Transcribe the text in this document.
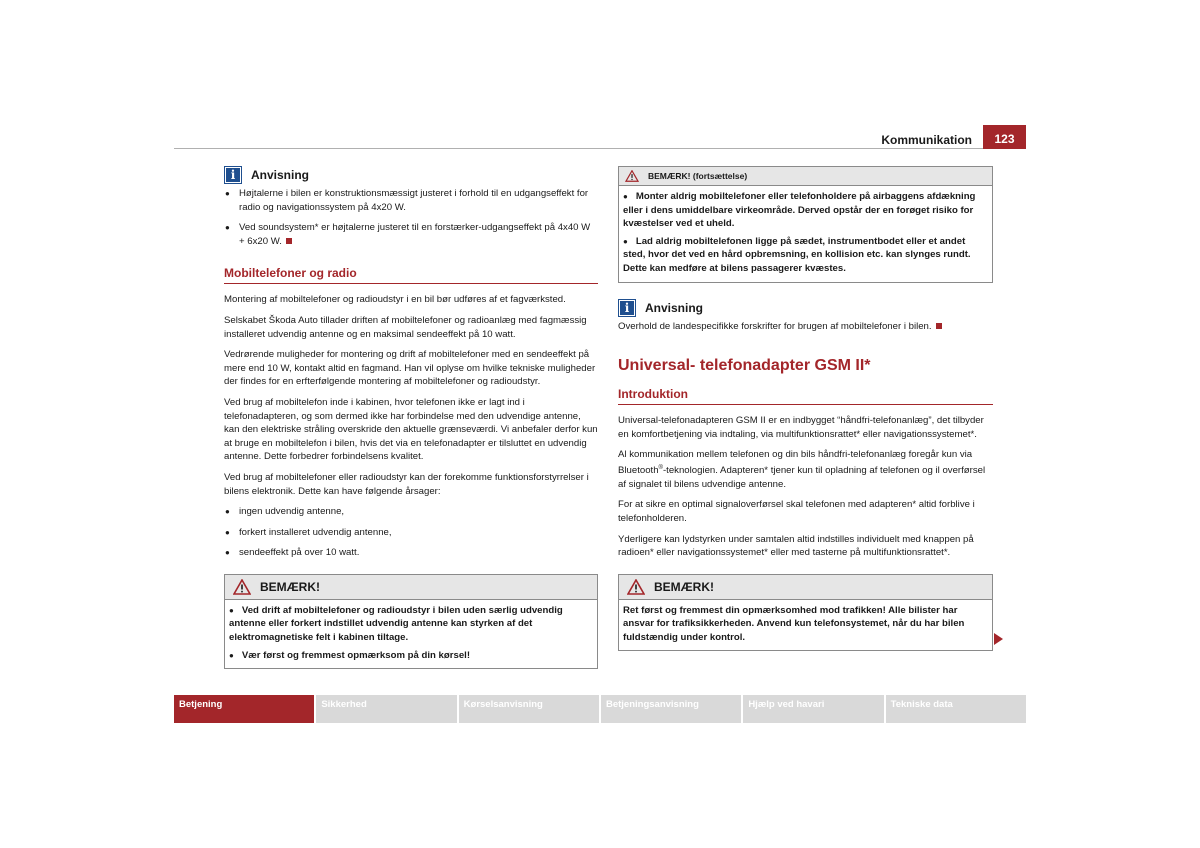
Kommunikation	123
i	Anvisning

● Højtalerne i bilen er konstruktionsmæssigt justeret i forhold til en udgangseffekt for radio og navigationssystem på 4x20 W.

● Ved soundsystem* er højtalerne justeret til en forstærker-udgangseffekt på 4x40 W + 6x20 W.

Mobiltelefoner og radio

Montering af mobiltelefoner og radioudstyr i en bil bør udføres af et fagværksted.

Selskabet Škoda Auto tillader driften af mobiltelefoner og radioanlæg med fagmæssig installeret udvendig antenne og en maksimal sendeeffekt på 10 watt.

Vedrørende muligheder for montering og drift af mobiltelefoner med en sendeeffekt på mere end 10 W, kontakt altid en fagmand. Han vil oplyse om hvilke tekniske muligheder der findes for en erfterfølgende montering af mobiltelefoner og radioudstyr.

Ved brug af mobiltelefon inde i kabinen, hvor telefonen ikke er lagt ind i telefonadapteren, og som dermed ikke har forbindelse med den udvendige antenne, kan den elektriske stråling overskride den aktuelle grænseværdi. Vi anbefaler derfor kun at bruge en mobiltelefon i bilen, hvis det via en telefonadapter er tilsluttet en udvendig antenne. Dette forbedrer forbindelsens kvalitet.

Ved brug af mobiltelefoner eller radioudstyr kan der forekomme funktionsforstyrrelser i bilens elektronik. Dette kan have følgende årsager:

● ingen udvendig antenne,

● forkert installeret udvendig antenne,

● sendeeffekt på over 10 watt.

BEMÆRK!

● Ved drift af mobiltelefoner og radioudstyr i bilen uden særlig udvendig antenne eller forkert indstillet udvendig antenne kan styrken af det elektromagnetiske felt i kabinen tiltage.

● Vær først og fremmest opmærksom på din kørsel!

BEMÆRK! (fortsættelse)

● Monter aldrig mobiltelefoner eller telefonholdere på airbaggens afdækning eller i dens umiddelbare virkeområde. Derved opstår der en forøget risiko for kvæstelser ved et uheld.

● Lad aldrig mobiltelefonen ligge på sædet, instrumentbodet eller et andet sted, hvor det ved en hård opbremsning, en kollision etc. kan slynges rundt. Dette kan medføre at bilens passagerer kvæstes.

i	Anvisning

Overhold de landespecifikke forskrifter for brugen af mobiltelefoner i bilen.

Universal- telefonadapter GSM II*
Introduktion

Universal-telefonadapteren GSM II er en indbygget “håndfri-telefonanlæg”, det tilbyder en komfortbetjening via indtaling, via multifunktionsrattet* eller navigationssystemet*.

Al kommunikation mellem telefonen og din bils håndfri-telefonanlæg foregår kun via Bluetooth®-teknologien. Adapteren* tjener kun til opladning af telefonen og il overførsel af signalet til bilens udvendige antenne.

For at sikre en optimal signaloverførsel skal telefonen med adapteren* altid forblive i telefonholderen.

Yderligere kan lydstyrken under samtalen altid indstilles individuelt med knappen på radioen* eller navigationssystemet* eller med tasterne på multifunktionsrattet*.

BEMÆRK!

Ret først og fremmest din opmærksomhed mod trafikken! Alle bilister har ansvar for trafiksikkerheden. Anvend kun telefonsystemet, når du har bilen fuldstændig under kontrol.

Betjening	Sikkerhed	Kørselsanvisning	Betjeningsanvisning	Hjælp ved havari	Tekniske data
